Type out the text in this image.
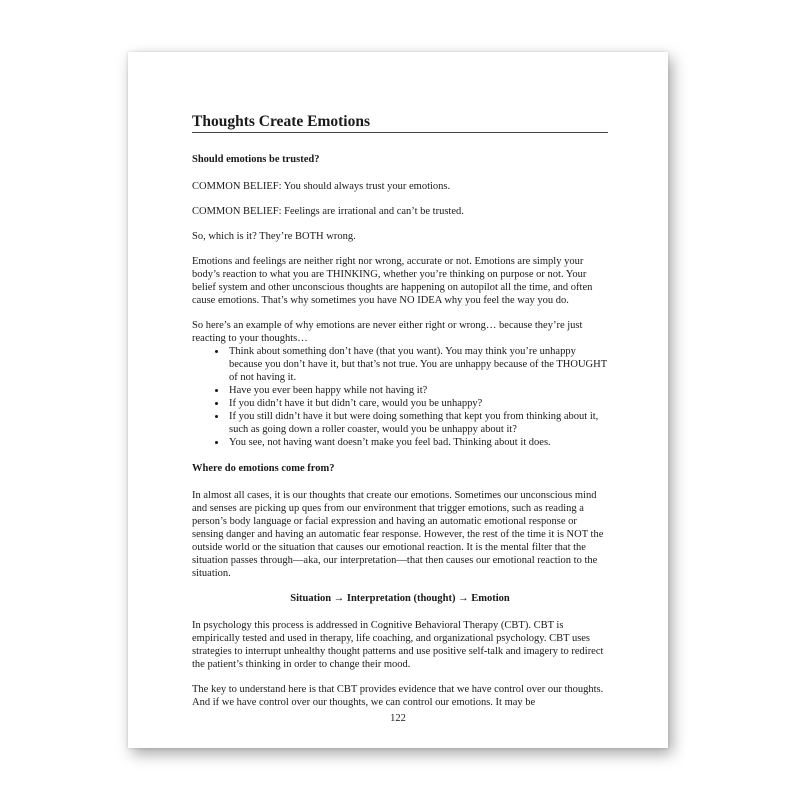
Thoughts Create Emotions
Should emotions be trusted?

COMMON BELIEF: You should always trust your emotions.

COMMON BELIEF: Feelings are irrational and can’t be trusted.

So, which is it? They’re BOTH wrong.

Emotions and feelings are neither right nor wrong, accurate or not. Emotions are simply your body’s reaction to what you are THINKING, whether you’re thinking on purpose or not. Your belief system and other unconscious thoughts are happening on autopilot all the time, and often cause emotions. That’s why sometimes you have NO IDEA why you feel the way you do.

So here’s an example of why emotions are never either right or wrong… because they’re just reacting to your thoughts…

• Think about something don’t have (that you want). You may think you’re unhappy because you don’t have it, but that’s not true. You are unhappy because of the THOUGHT of not having it.
• Have you ever been happy while not having it?
• If you didn’t have it but didn’t care, would you be unhappy?
• If you still didn’t have it but were doing something that kept you from thinking about it, such as going down a roller coaster, would you be unhappy about it?
• You see, not having want doesn’t make you feel bad. Thinking about it does.
Where do emotions come from?

In almost all cases, it is our thoughts that create our emotions. Sometimes our unconscious mind and senses are picking up ques from our environment that trigger emotions, such as reading a person’s body language or facial expression and having an automatic emotional response or sensing danger and having an automatic fear response. However, the rest of the time it is NOT the outside world or the situation that causes our emotional reaction. It is the mental filter that the situation passes through—aka, our interpretation—that then causes our emotional reaction to the situation.

Situation → Interpretation (thought) → Emotion

In psychology this process is addressed in Cognitive Behavioral Therapy (CBT). CBT is empirically tested and used in therapy, life coaching, and organizational psychology. CBT uses strategies to interrupt unhealthy thought patterns and use positive self-talk and imagery to redirect the patient’s thinking in order to change their mood.

The key to understand here is that CBT provides evidence that we have control over our thoughts. And if we have control over our thoughts, we can control our emotions. It may be

122
